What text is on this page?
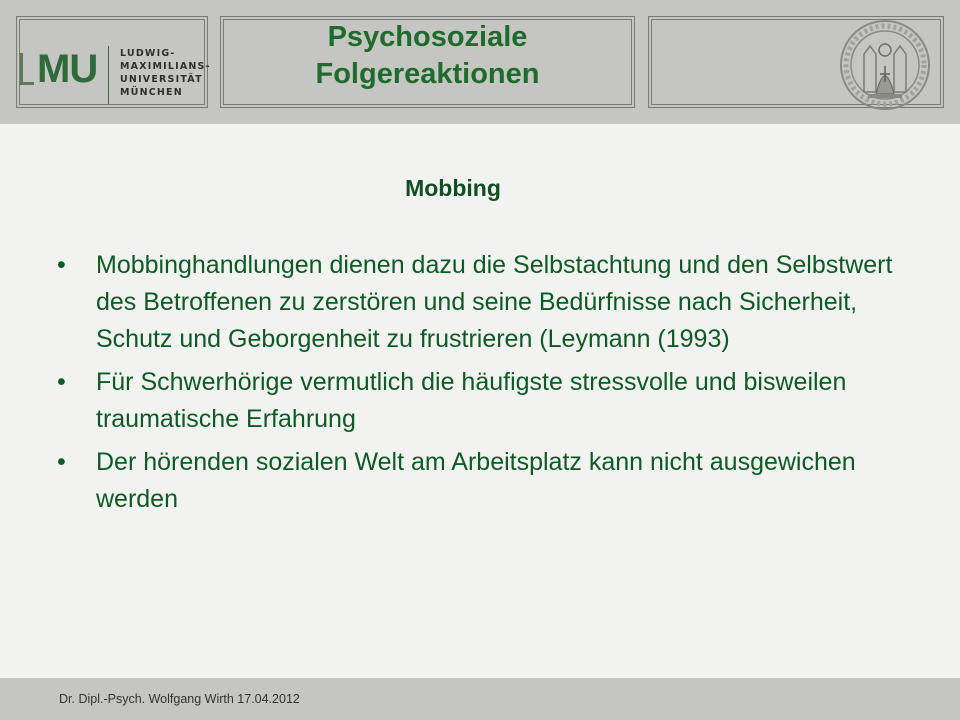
MU LUDWIG-
MAXIMILIANS-
UNIVERSITÄT
MÜNCHEN
Psychosoziale
Folgereaktionen
Mobbing
• Mobbinghandlungen dienen dazu die Selbstachtung und den Selbstwert des Betroffenen zu zerstören und seine Bedürfnisse nach Sicherheit, Schutz und Geborgenheit zu frustrieren (Leymann (1993)
• Für Schwerhörige vermutlich die häufigste stressvolle und bisweilen traumatische Erfahrung
• Der hörenden sozialen Welt am Arbeitsplatz kann nicht ausgewichen werden
Dr. Dipl.-Psych. Wolfgang Wirth 17.04.2012
